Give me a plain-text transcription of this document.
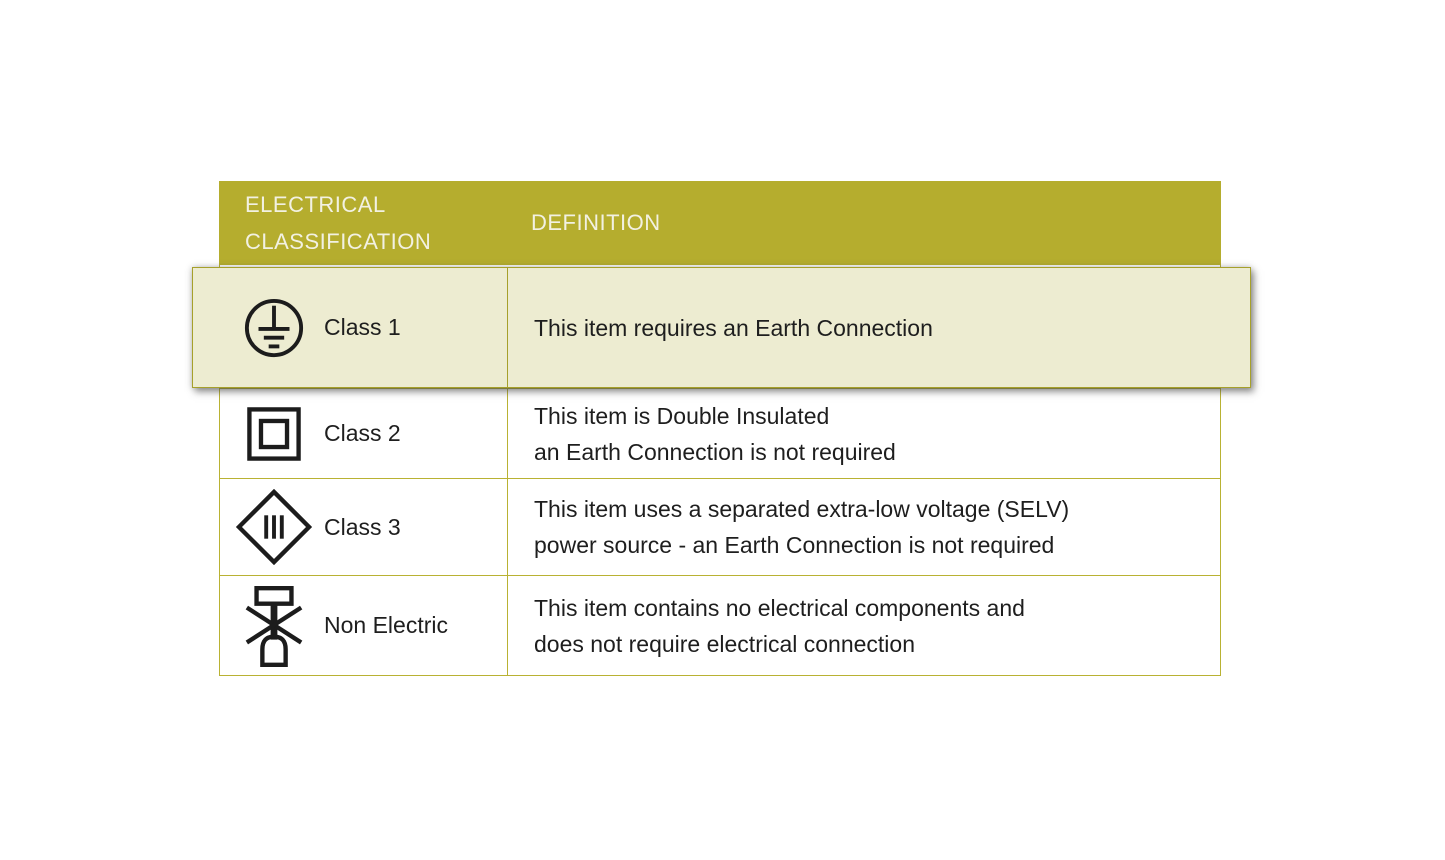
ELECTRICAL CLASSIFICATION
DEFINITION
Class 2
This item is Double Insulated
an Earth Connection is not required
Class 3
This item uses a separated extra-low voltage (SELV)
power source - an Earth Connection is not required
Non Electric
This item contains no electrical components and
does not require electrical connection
Class 1	This item requires an Earth Connection
